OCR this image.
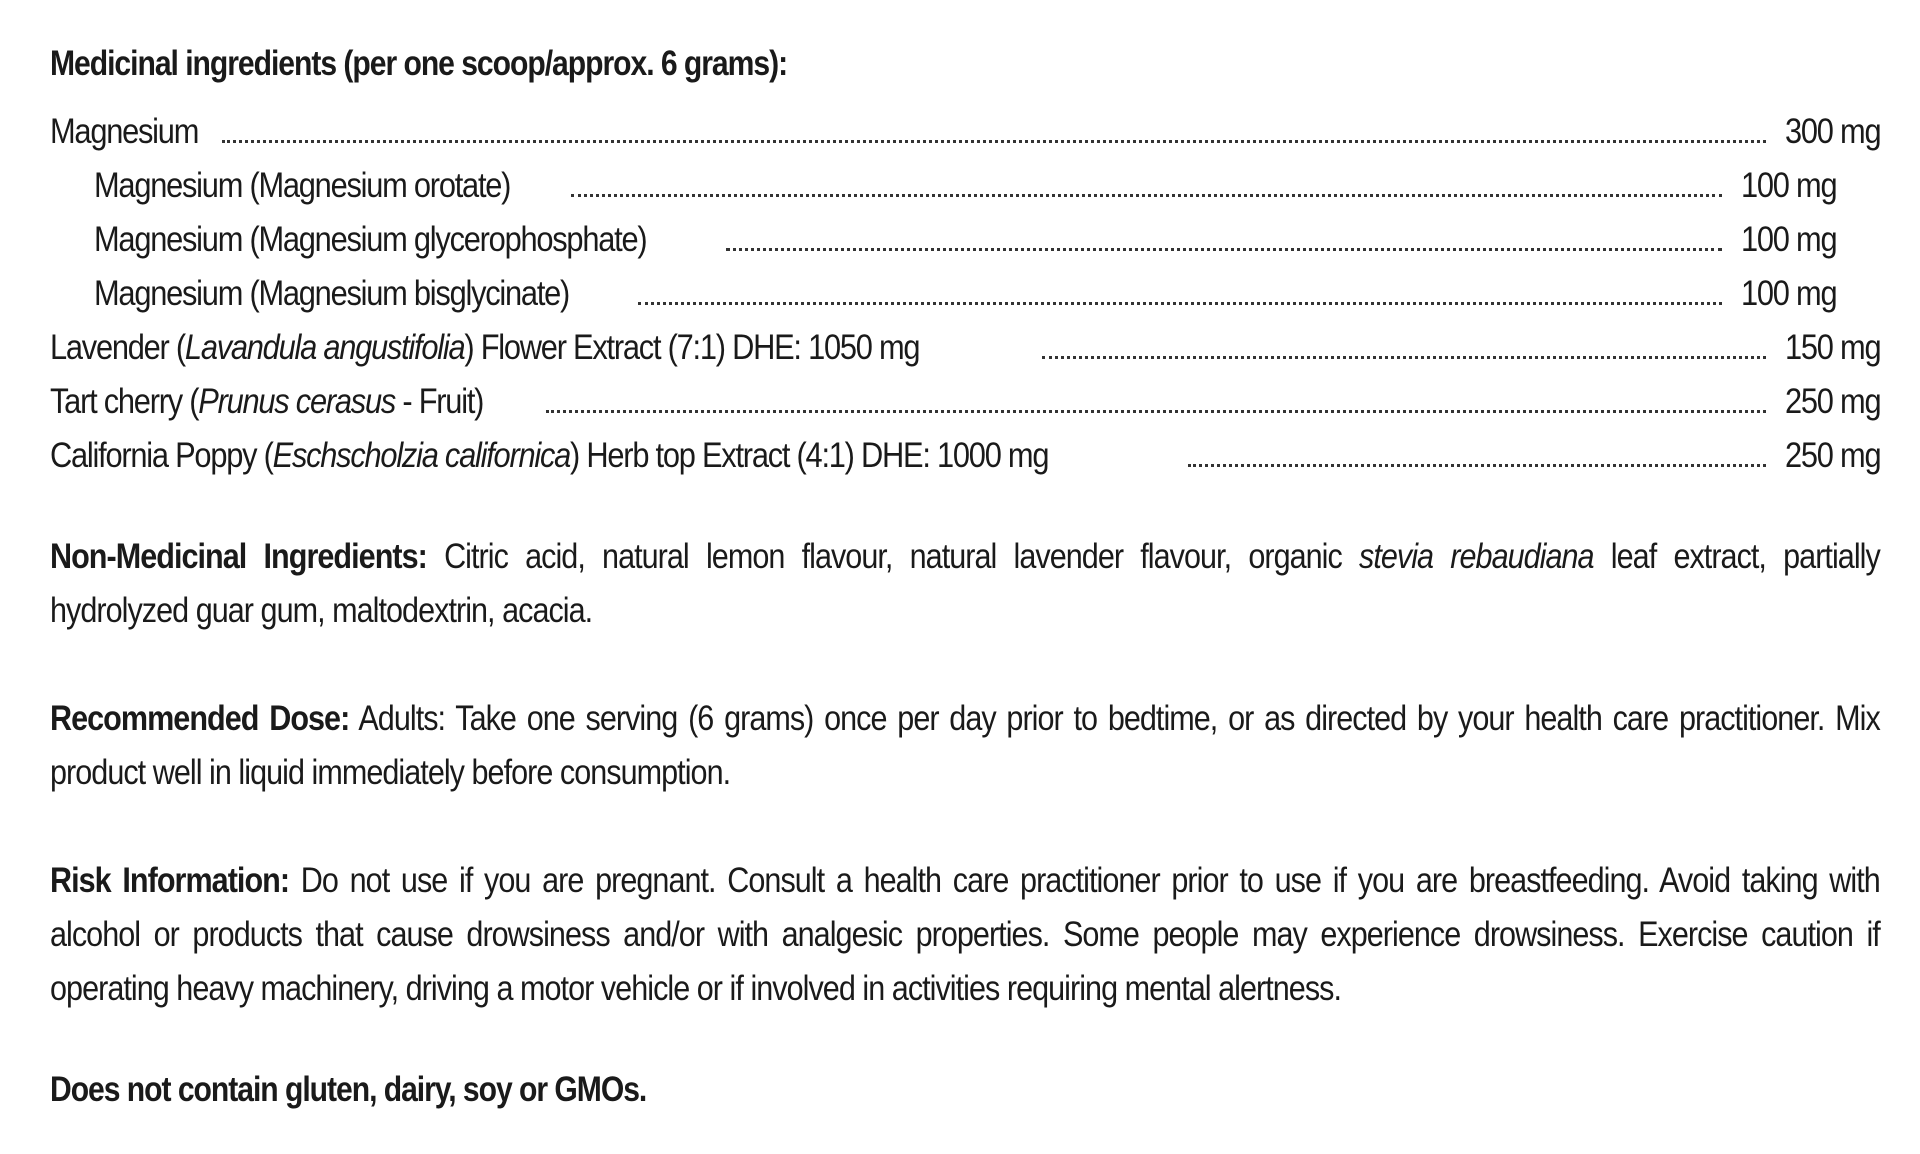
Medicinal ingredients (per one scoop/approx. 6 grams):
Magnesium	300 mg
Magnesium (Magnesium orotate)	100 mg
Magnesium (Magnesium glycerophosphate)	100 mg
Magnesium (Magnesium bisglycinate)	100 mg
Lavender (Lavandula angustifolia) Flower Extract (7:1) DHE: 1050 mg	150 mg
Tart cherry (Prunus cerasus - Fruit)	250 mg
California Poppy (Eschscholzia californica) Herb top Extract (4:1) DHE: 1000 mg	250 mg
Non-Medicinal Ingredients: Citric acid, natural lemon flavour, natural lavender flavour, organic stevia rebaudiana leaf extract, partially hydrolyzed guar gum, maltodextrin, acacia.
Recommended Dose: Adults: Take one serving (6 grams) once per day prior to bedtime, or as directed by your health care practitioner. Mix product well in liquid immediately before consumption.
Risk Information: Do not use if you are pregnant. Consult a health care practitioner prior to use if you are breastfeeding. Avoid taking with alcohol or products that cause drowsiness and/or with analgesic properties. Some people may experience drowsiness. Exercise caution if operating heavy machinery, driving a motor vehicle or if involved in activities requiring mental alertness.
Does not contain gluten, dairy, soy or GMOs.
